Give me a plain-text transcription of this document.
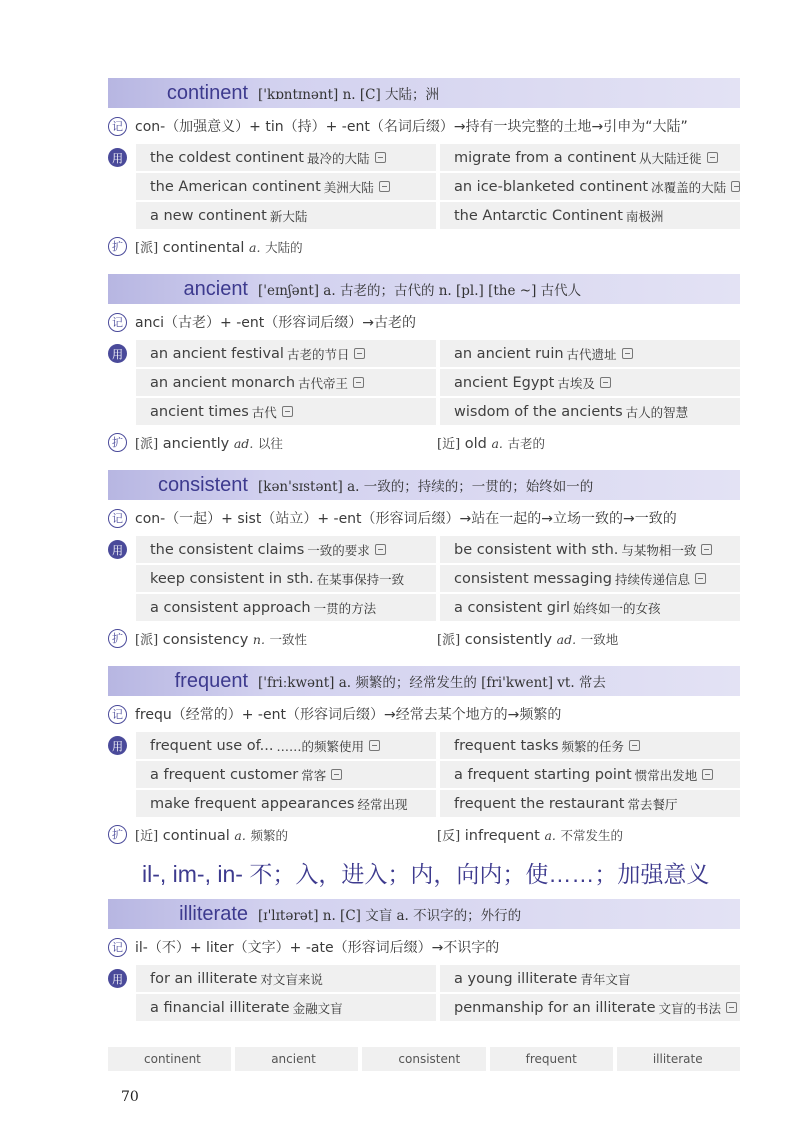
continent ['kɒntɪnənt] n. [C] 大陆；洲
记 con-（加强意义）+ tin（持）+ -ent（名词后缀）→持有一块完整的土地→引申为“大陆”
用 the coldest continent 最冷的大陆	migrate from a continent 从大陆迁徙
the American continent 美洲大陆	an ice-blanketed continent 冰覆盖的大陆
a new continent 新大陆	the Antarctic Continent 南极洲
扩 [派] continental a. 大陆的
ancient ['eɪnʃənt] a. 古老的；古代的 n. [pl.] [the ~] 古代人
记 anci（古老）+ -ent（形容词后缀）→古老的
用 an ancient festival 古老的节日	an ancient ruin 古代遗址
an ancient monarch 古代帝王	ancient Egypt 古埃及
ancient times 古代	wisdom of the ancients 古人的智慧
扩 [派] anciently ad. 以往	[近] old a. 古老的
consistent [kən'sɪstənt] a. 一致的；持续的；一贯的；始终如一的
记 con-（一起）+ sist（站立）+ -ent（形容词后缀）→站在一起的→立场一致的→一致的
用 the consistent claims 一致的要求	be consistent with sth. 与某物相一致
keep consistent in sth. 在某事保持一致	consistent messaging 持续传递信息
a consistent approach 一贯的方法	a consistent girl 始终如一的女孩
扩 [派] consistency n. 一致性	[派] consistently ad. 一致地
frequent ['friːkwənt] a. 频繁的；经常发生的 [fri'kwent] vt. 常去
记 frequ（经常的）+ -ent（形容词后缀）→经常去某个地方的→频繁的
用 frequent use of... ……的频繁使用	frequent tasks 频繁的任务
a frequent customer 常客	a frequent starting point 惯常出发地
make frequent appearances 经常出现	frequent the restaurant 常去餐厅
扩 [近] continual a. 频繁的	[反] infrequent a. 不常发生的
illiterate [ɪ'lɪtərət] n. [C] 文盲 a. 不识字的；外行的
记 il-（不）+ liter（文字）+ -ate（形容词后缀）→不识字的
用 for an illiterate 对文盲来说	a young illiterate 青年文盲
a financial illiterate 金融文盲	penmanship for an illiterate 文盲的书法
il-, im-, in- 不；入，进入；内，向内；使……；加强意义
continent	ancient	consistent	frequent	illiterate
70
